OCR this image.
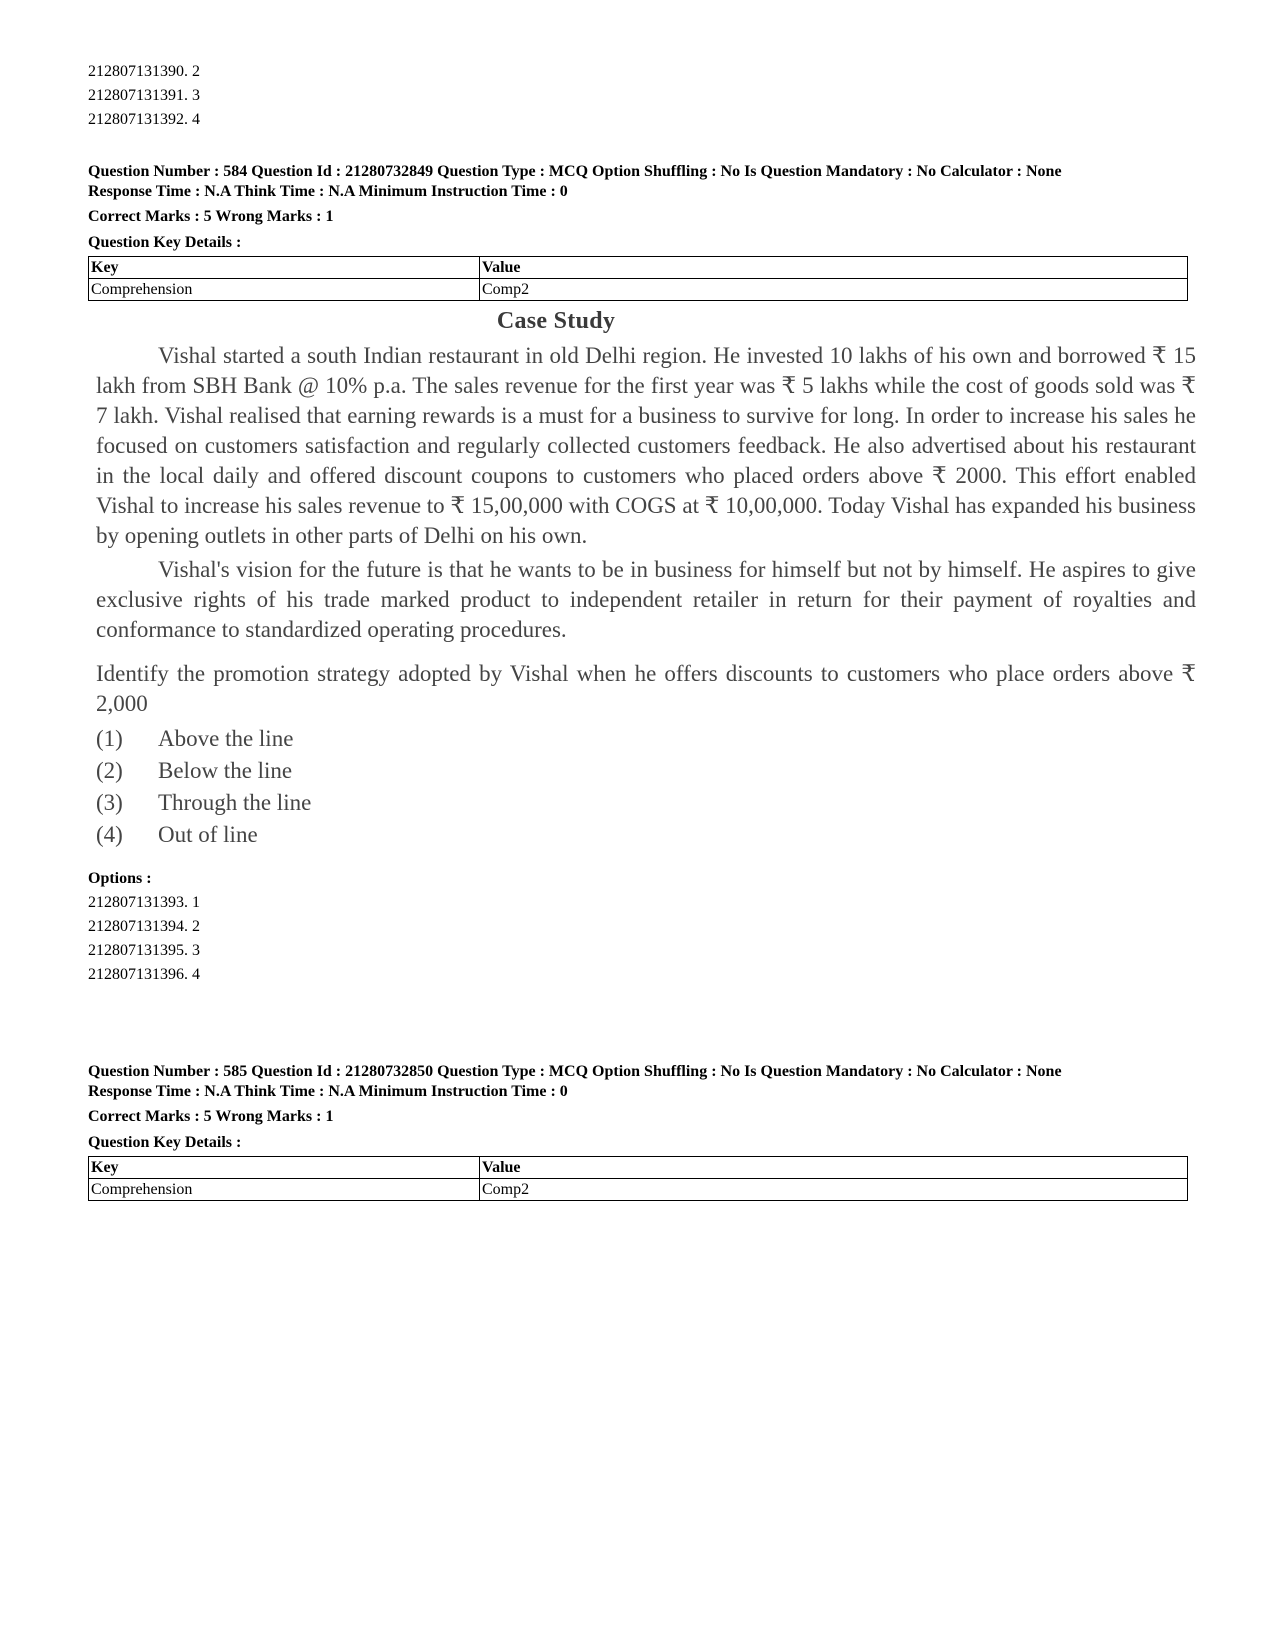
212807131390. 2
212807131391. 3
212807131392. 4
Question Number : 584 Question Id : 21280732849 Question Type : MCQ Option Shuffling : No Is Question Mandatory : No Calculator : None
Response Time : N.A Think Time : N.A Minimum Instruction Time : 0
Correct Marks : 5 Wrong Marks : 1
Question Key Details :
Key	Value
Comprehension	Comp2
Options :
212807131393. 1
212807131394. 2
212807131395. 3
212807131396. 4
Question Number : 585 Question Id : 21280732850 Question Type : MCQ Option Shuffling : No Is Question Mandatory : No Calculator : None
Response Time : N.A Think Time : N.A Minimum Instruction Time : 0
Correct Marks : 5 Wrong Marks : 1
Question Key Details :
Key	Value
Comprehension	Comp2
Case Study

Vishal started a south Indian restaurant in old Delhi region. He invested 10 lakhs of his own and borrowed ₹ 15 lakh from SBH Bank @ 10% p.a. The sales revenue for the first year was ₹ 5 lakhs while the cost of goods sold was ₹ 7 lakh. Vishal realised that earning rewards is a must for a business to survive for long. In order to increase his sales he focused on customers satisfaction and regularly collected customers feedback. He also advertised about his restaurant in the local daily and offered discount coupons to customers who placed orders above ₹ 2000. This effort enabled Vishal to increase his sales revenue to ₹ 15,00,000 with COGS at ₹ 10,00,000. Today Vishal has expanded his business by opening outlets in other parts of Delhi on his own.

Vishal's vision for the future is that he wants to be in business for himself but not by himself. He aspires to give exclusive rights of his trade marked product to independent retailer in return for their payment of royalties and conformance to standardized operating procedures.

Identify the promotion strategy adopted by Vishal when he offers discounts to customers who place orders above ₹ 2,000

(1)	Above the line
(2)	Below the line
(3)	Through the line
(4)	Out of line
